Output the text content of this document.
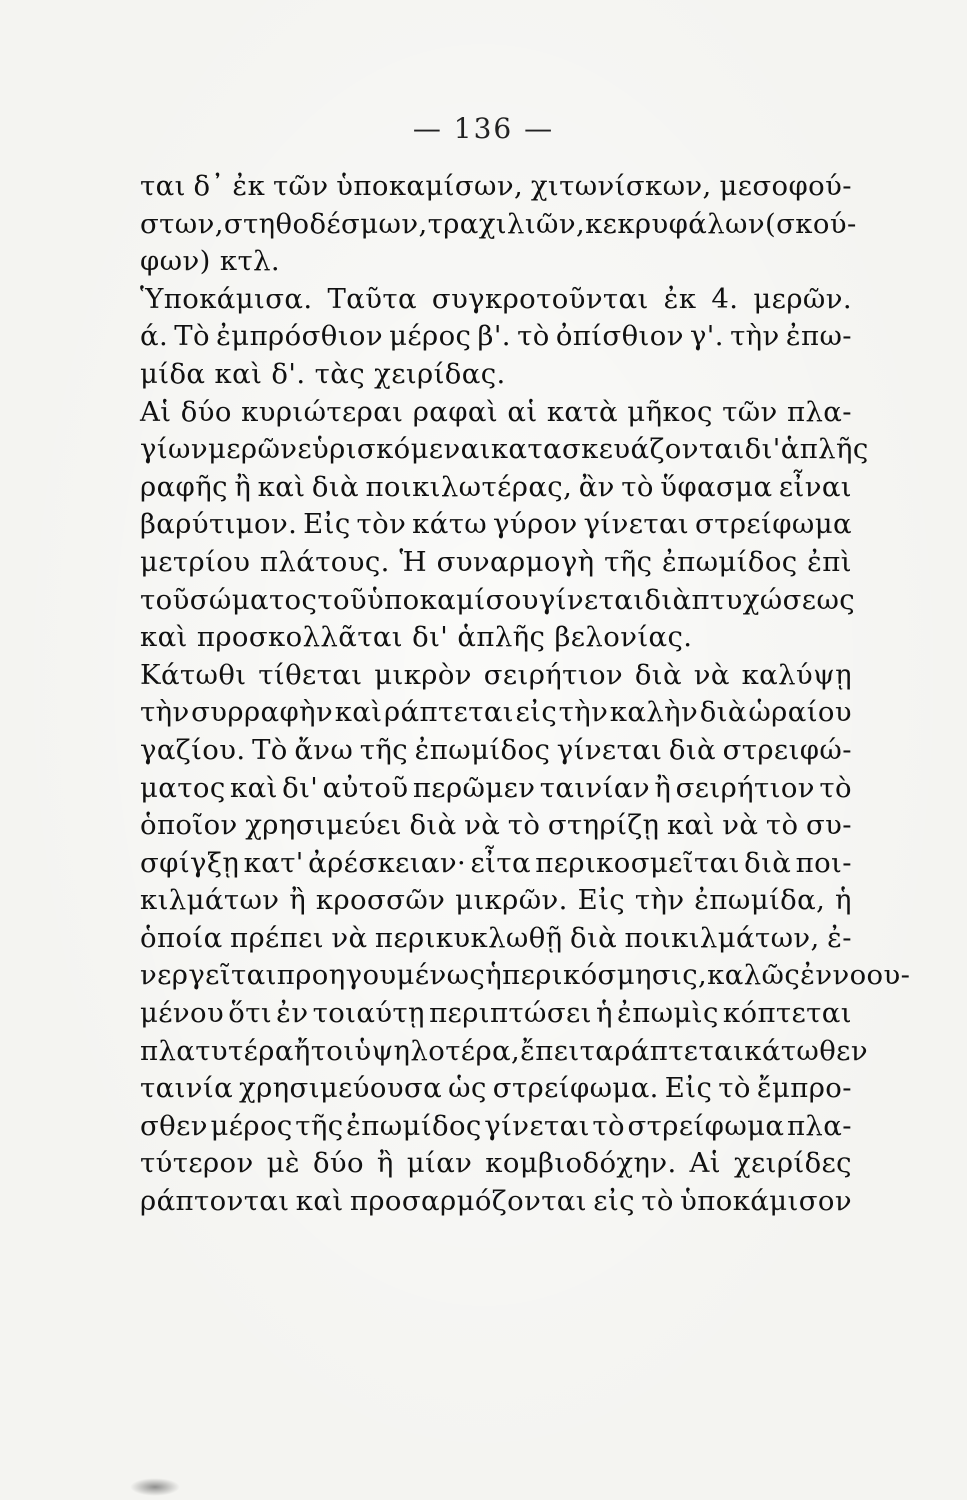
— 136 —
ται δ᾽ ἐκ τῶν ὑποκαμίσων, χιτωνίσκων, μεσοφού-
στων, στηθοδέσμων, τραχιλιῶν, κεκρυφάλων (σκού-
φων) κτλ.
Ὑποκάμισα. Ταῦτα συγκροτοῦνται ἐκ 4. μερῶν.
ά. Τὸ ἐμπρόσθιον μέρος β'. τὸ ὀπίσθιον γ'. τὴν ἐπω-
μίδα καὶ δ'. τὰς χειρίδας.
Αἱ δύο κυριώτεραι ραφαὶ αἱ κατὰ μῆκος τῶν πλα-
γίων μερῶν εὑρισκόμεναι κατασκευάζονται δι' ἁπλῆς
ραφῆς ἢ καὶ διὰ ποικιλωτέρας, ἂν τὸ ὕφασμα εἶναι
βαρύτιμον. Εἰς τὸν κάτω γύρον γίνεται στρείφωμα
μετρίου πλάτους. Ἡ συναρμογὴ τῆς ἐπωμίδος ἐπὶ
τοῦ σώματος τοῦ ὑποκαμίσου γίνεται διὰ πτυχώσεως
καὶ προσκολλᾶται δι' ἁπλῆς βελονίας.
Κάτωθι τίθεται μικρὸν σειρήτιον διὰ νὰ καλύψῃ
τὴν συρραφὴν καὶ ράπτεται εἰς τὴν καλὴν διὰ ὡραίου
γαζίου. Τὸ ἄνω τῆς ἐπωμίδος γίνεται διὰ στρειφώ-
ματος καὶ δι' αὐτοῦ περῶμεν ταινίαν ἢ σειρήτιον τὸ
ὁποῖον χρησιμεύει διὰ νὰ τὸ στηρίζῃ καὶ νὰ τὸ συ-
σφίγξῃ κατ' ἀρέσκειαν· εἶτα περικοσμεῖται διὰ ποι-
κιλμάτων ἢ κροσσῶν μικρῶν. Εἰς τὴν ἐπωμίδα, ἡ
ὁποία πρέπει νὰ περικυκλωθῇ διὰ ποικιλμάτων, ἐ-
νεργεῖται προηγουμένως ἡ περικόσμησις, καλῶς ἐννοου-
μένου ὅτι ἐν τοιαύτῃ περιπτώσει ἡ ἐπωμὶς κόπτεται
πλατυτέρα ἤτοι ὑψηλοτέρα, ἔπειτα ράπτεται κάτωθεν
ταινία χρησιμεύουσα ὡς στρείφωμα. Εἰς τὸ ἔμπρο-
σθεν μέρος τῆς ἐπωμίδος γίνεται τὸ στρείφωμα πλα-
τύτερον μὲ δύο ἢ μίαν κομβιοδόχην. Αἱ χειρίδες
ράπτονται καὶ προσαρμόζονται εἰς τὸ ὑποκάμισον
